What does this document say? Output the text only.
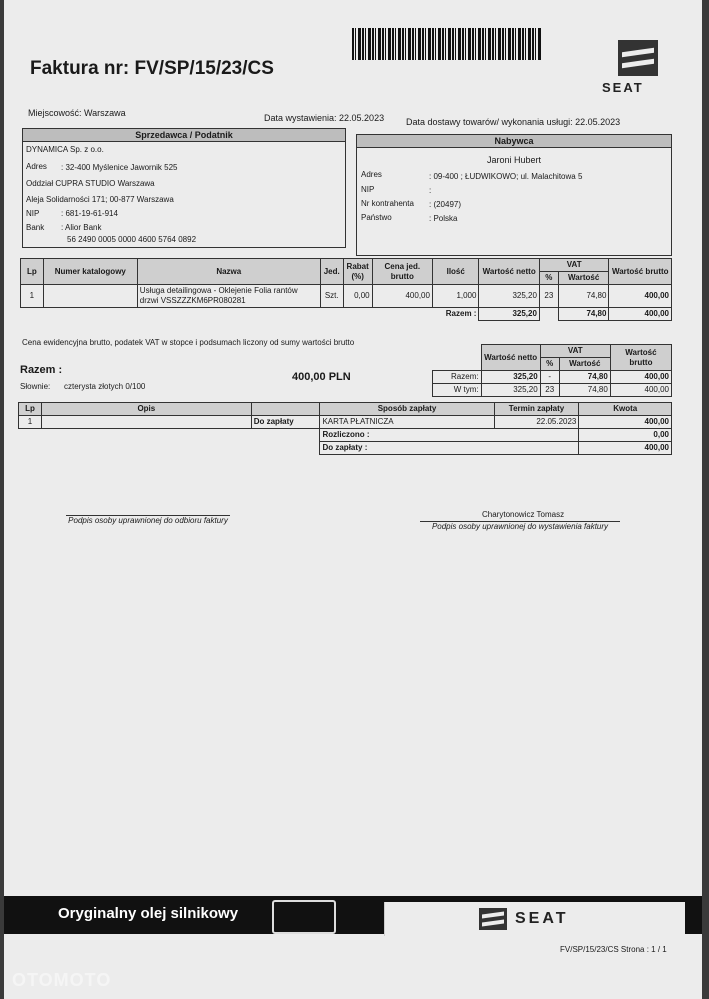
Faktura nr: FV/SP/15/23/CS
SEAT
Miejscowość: Warszawa	Data wystawienia: 22.05.2023 Data dostawy towarów/ wykonania usługi: 22.05.2023
Sprzedawca / Podatnik
DYNAMICA Sp. z o.o.
Adres : 32-400 Myślenice Jawornik 525
Oddział CUPRA STUDIO Warszawa
Aleja Solidarności 171; 00-877 Warszawa
NIP	: 681-19-61-914
Bank : Alior Bank
56 2490 0005 0000 4600 5764 0892
Nabywca
Jaroni Hubert
Adres	: 09-400 ; ŁUDWIKOWO; ul. Malachitowa 5
NIP	:
Nr kontrahenta : (20497)
Państwo	: Polska
Lp	Numer katalogowy	Nazwa	Jed.	Rabat (%)	Cena jed. brutto	Ilość	Wartość netto	VAT		Wartość brutto
								%	Wartość	
1		Usługa detailingowa - Oklejenie Folia rantów drzwi VSSZZZKM6PR080281	Szt.	0,00	400,00	1,000	325,20	23	74,80	400,00
Razem :							325,20		74,80	400,00
Cena ewidencyjna brutto, podatek VAT w stopce i podsumach liczony od sumy wartości brutto
Razem :
400,00 PLN
Słownie: czterysta złotych 0/100
	Wartość netto	VAT		Wartość brutto
		%	Wartość	
Razem:	325,20	-	74,80	400,00
W tym:	325,20	23	74,80	400,00
Lp	Opis		Sposób zapłaty	Termin zapłaty	Kwota
1		Do zapłaty	KARTA PŁATNICZA	22.05.2023	400,00
			Rozliczono :		0,00
			Do zapłaty :		400,00
Podpis osoby uprawnionej do odbioru faktury
Charytonowicz Tomasz
Podpis osoby uprawnionej do wystawienia faktury
Oryginalny olej silnikowy	SEAT
FV/SP/15/23/CS Strona : 1 / 1
OTOMOTO
